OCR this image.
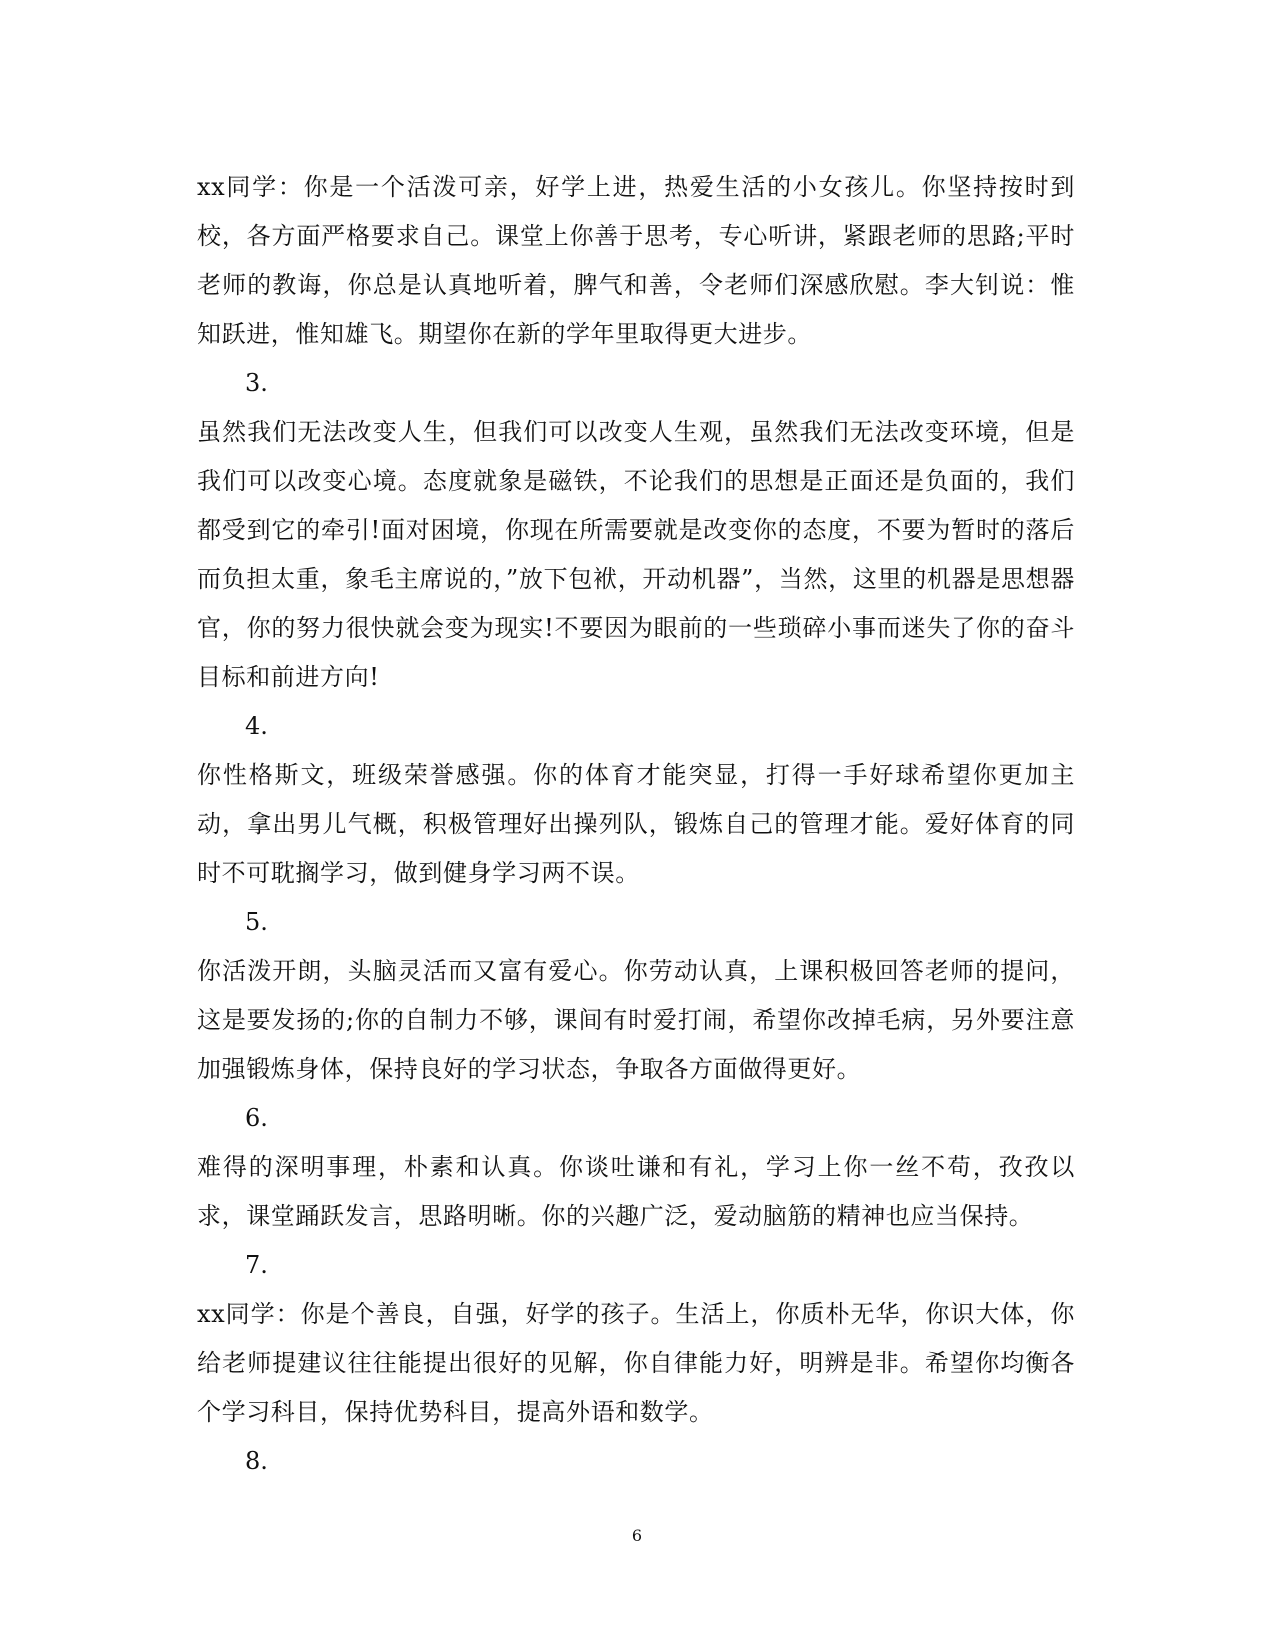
xx同学：你是一个活泼可亲，好学上进，热爱生活的小女孩儿。你坚持按时到校，各方面严格要求自己。课堂上你善于思考，专心听讲，紧跟老师的思路;平时老师的教诲，你总是认真地听着，脾气和善，令老师们深感欣慰。李大钊说：惟知跃进，惟知雄飞。期望你在新的学年里取得更大进步。

3.

虽然我们无法改变人生，但我们可以改变人生观，虽然我们无法改变环境，但是我们可以改变心境。态度就象是磁铁，不论我们的思想是正面还是负面的，我们都受到它的牵引!面对困境，你现在所需要就是改变你的态度，不要为暂时的落后而负担太重，象毛主席说的，”放下包袱，开动机器”，当然，这里的机器是思想器官，你的努力很快就会变为现实!不要因为眼前的一些琐碎小事而迷失了你的奋斗目标和前进方向!

4.

你性格斯文，班级荣誉感强。你的体育才能突显，打得一手好球希望你更加主动，拿出男儿气概，积极管理好出操列队，锻炼自己的管理才能。爱好体育的同时不可耽搁学习，做到健身学习两不误。

5.

你活泼开朗，头脑灵活而又富有爱心。你劳动认真，上课积极回答老师的提问，这是要发扬的;你的自制力不够，课间有时爱打闹，希望你改掉毛病，另外要注意加强锻炼身体，保持良好的学习状态，争取各方面做得更好。

6.

难得的深明事理，朴素和认真。你谈吐谦和有礼，学习上你一丝不苟，孜孜以求，课堂踊跃发言，思路明晰。你的兴趣广泛，爱动脑筋的精神也应当保持。

7.

xx同学：你是个善良，自强，好学的孩子。生活上，你质朴无华，你识大体，你给老师提建议往往能提出很好的见解，你自律能力好，明辨是非。希望你均衡各个学习科目，保持优势科目，提高外语和数学。

8.

6
